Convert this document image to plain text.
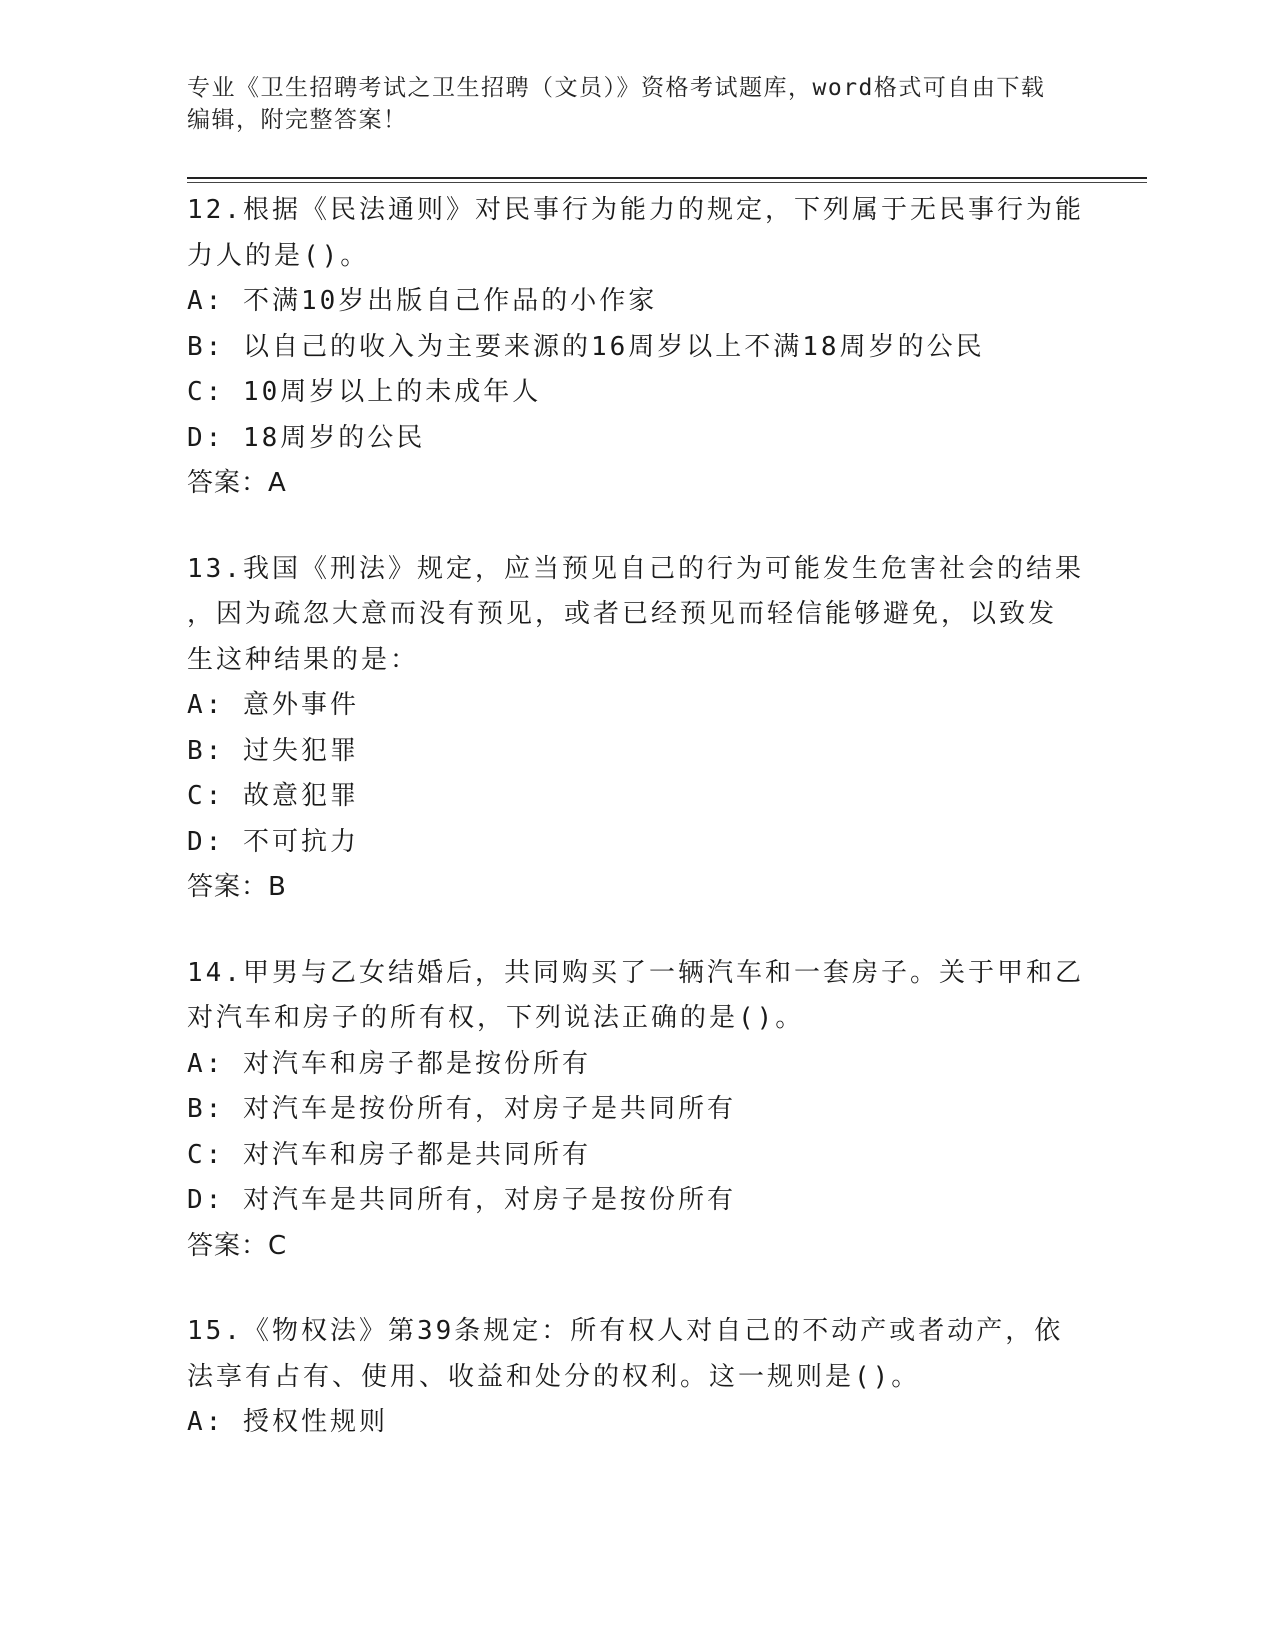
专业《卫生招聘考试之卫生招聘（文员）》资格考试题库，word格式可自由下载
编辑，附完整答案！
12.根据《民法通则》对民事行为能力的规定，下列属于无民事行为能
力人的是()。
A: 不满10岁出版自己作品的小作家
B: 以自己的收入为主要来源的16周岁以上不满18周岁的公民
C: 10周岁以上的未成年人
D: 18周岁的公民
答案：A
13.我国《刑法》规定，应当预见自己的行为可能发生危害社会的结果
，因为疏忽大意而没有预见，或者已经预见而轻信能够避免，以致发
生这种结果的是：
A: 意外事件
B: 过失犯罪
C: 故意犯罪
D: 不可抗力
答案：B
14.甲男与乙女结婚后，共同购买了一辆汽车和一套房子。关于甲和乙
对汽车和房子的所有权，下列说法正确的是()。
A: 对汽车和房子都是按份所有
B: 对汽车是按份所有，对房子是共同所有
C: 对汽车和房子都是共同所有
D: 对汽车是共同所有，对房子是按份所有
答案：C
15.《物权法》第39条规定：所有权人对自己的不动产或者动产，依
法享有占有、使用、收益和处分的权利。这一规则是()。
A: 授权性规则
